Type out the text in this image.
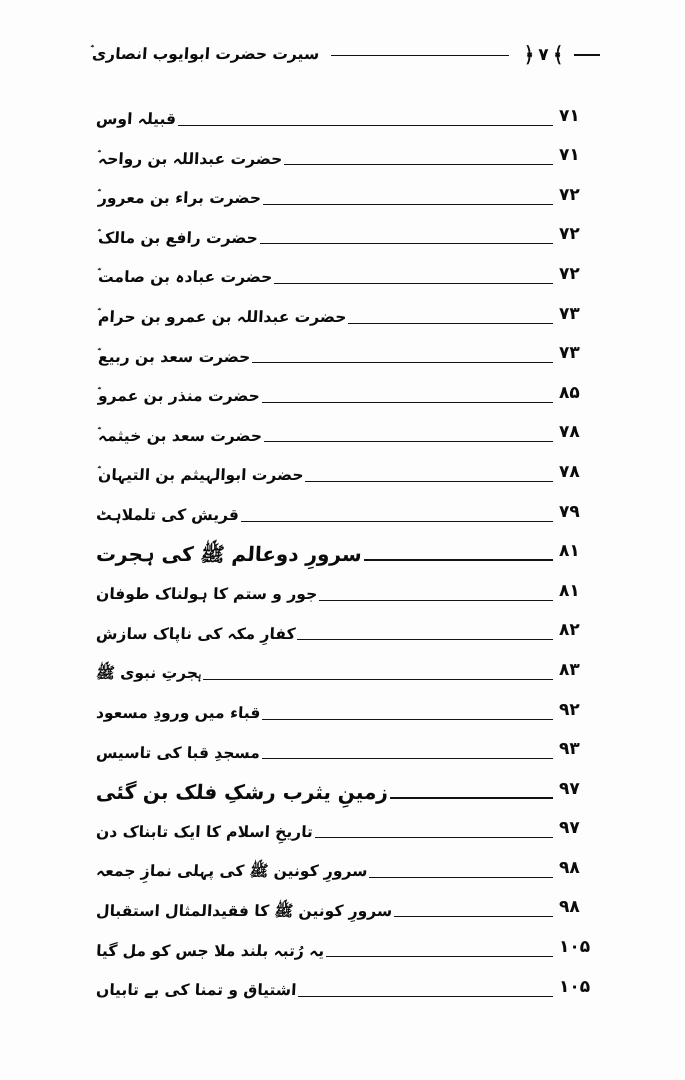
سیرت حضرت ابوایوب انصاریؓ	﴾
۷
﴿
۷۱
قبیلہ اوس
۷۱
حضرت عبداللہ بن رواحہؓ
۷۲
حضرت براء بن معرورؓ
۷۲
حضرت رافع بن مالکؓ
۷۲
حضرت عبادہ بن صامتؓ
۷۳
حضرت عبداللہ بن عمرو بن حرامؓ
۷۳
حضرت سعد بن ربیعؓ
۸۵
حضرت منذر بن عمروؓ
۷۸
حضرت سعد بن خیثمہؓ
۷۸
حضرت ابوالہیثم بن التیہانؓ
۷۹
قریش کی تلملاہٹ
۸۱
سرورِ دوعالم ﷺ کی ہجرت
۸۱
جور و ستم کا ہولناک طوفان
۸۲
کفارِ مکہ کی ناپاک سازش
۸۳
ہجرتِ نبوی ﷺ
۹۲
قباء میں ورودِ مسعود
۹۳
مسجدِ قبا کی تاسیس
۹۷
زمینِ یثرب رشکِ فلک بن گئی
۹۷
تاریخِ اسلام کا ایک تابناک دن
۹۸
سرورِ کونین ﷺ کی پہلی نمازِ جمعہ
۹۸
سرورِ کونین ﷺ کا فقیدالمثال استقبال
۱۰۵
یہ رُتبہ بلند ملا جس کو مل گیا
۱۰۵
اشتیاق و تمنا کی بے تابیاں
